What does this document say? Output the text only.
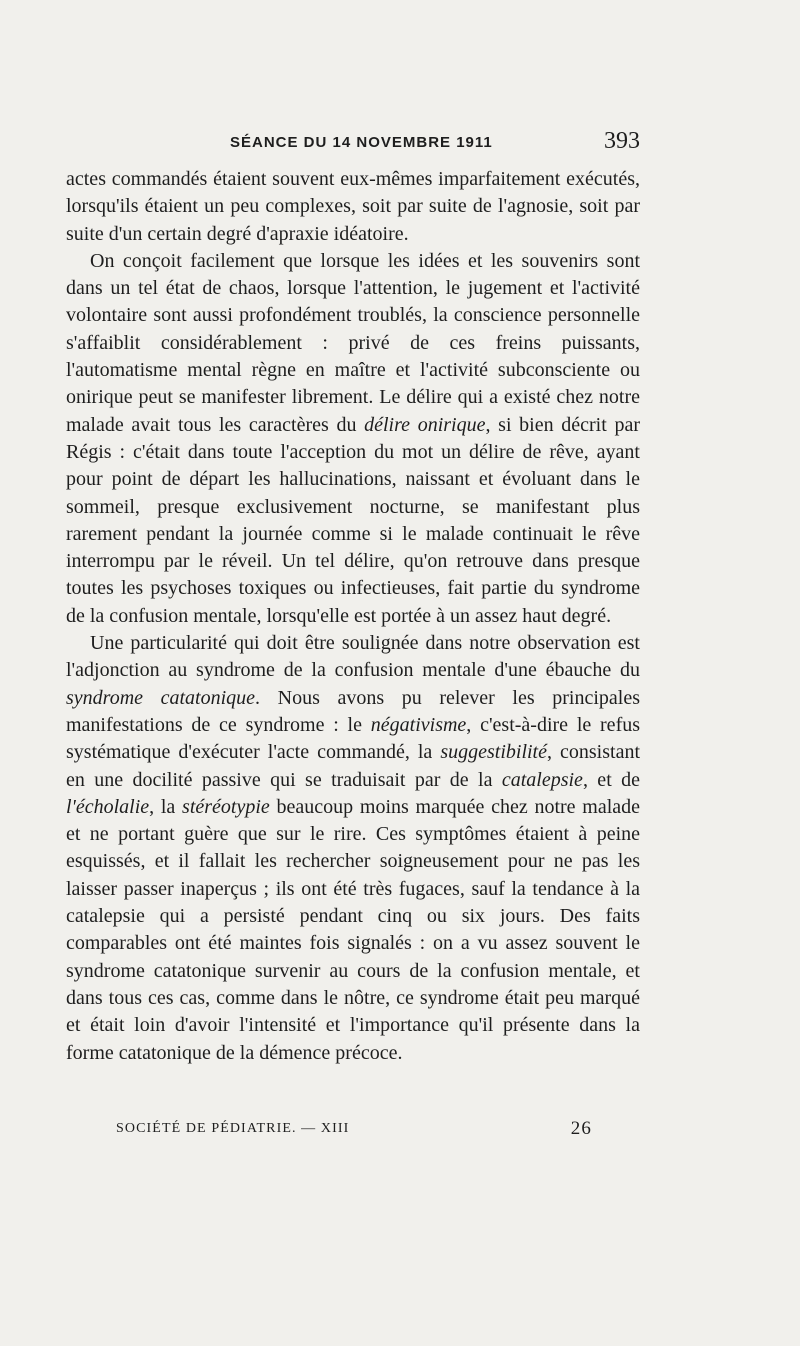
SÉANCE DU 14 NOVEMBRE 1911	393

actes commandés étaient souvent eux-mêmes imparfaitement exécutés, lorsqu'ils étaient un peu complexes, soit par suite de l'agnosie, soit par suite d'un certain degré d'apraxie idéatoire.

On conçoit facilement que lorsque les idées et les souvenirs sont dans un tel état de chaos, lorsque l'attention, le jugement et l'activité volontaire sont aussi profondément troublés, la conscience personnelle s'affaiblit considérablement : privé de ces freins puissants, l'automatisme mental règne en maître et l'activité subconsciente ou onirique peut se manifester librement. Le délire qui a existé chez notre malade avait tous les caractères du délire onirique, si bien décrit par Régis : c'était dans toute l'acception du mot un délire de rêve, ayant pour point de départ les hallucinations, naissant et évoluant dans le sommeil, presque exclusivement nocturne, se manifestant plus rarement pendant la journée comme si le malade continuait le rêve interrompu par le réveil. Un tel délire, qu'on retrouve dans presque toutes les psychoses toxiques ou infectieuses, fait partie du syndrome de la confusion mentale, lorsqu'elle est portée à un assez haut degré.

Une particularité qui doit être soulignée dans notre observation est l'adjonction au syndrome de la confusion mentale d'une ébauche du syndrome catatonique. Nous avons pu relever les principales manifestations de ce syndrome : le négativisme, c'est-à-dire le refus systématique d'exécuter l'acte commandé, la suggestibilité, consistant en une docilité passive qui se traduisait par de la catalepsie, et de l'écholalie, la stéréotypie beaucoup moins marquée chez notre malade et ne portant guère que sur le rire. Ces symptômes étaient à peine esquissés, et il fallait les rechercher soigneusement pour ne pas les laisser passer inaperçus ; ils ont été très fugaces, sauf la tendance à la catalepsie qui a persisté pendant cinq ou six jours. Des faits comparables ont été maintes fois signalés : on a vu assez souvent le syndrome catatonique survenir au cours de la confusion mentale, et dans tous ces cas, comme dans le nôtre, ce syndrome était peu marqué et était loin d'avoir l'intensité et l'importance qu'il présente dans la forme catatonique de la démence précoce.

SOCIÉTÉ DE PÉDIATRIE. — XIII	26
